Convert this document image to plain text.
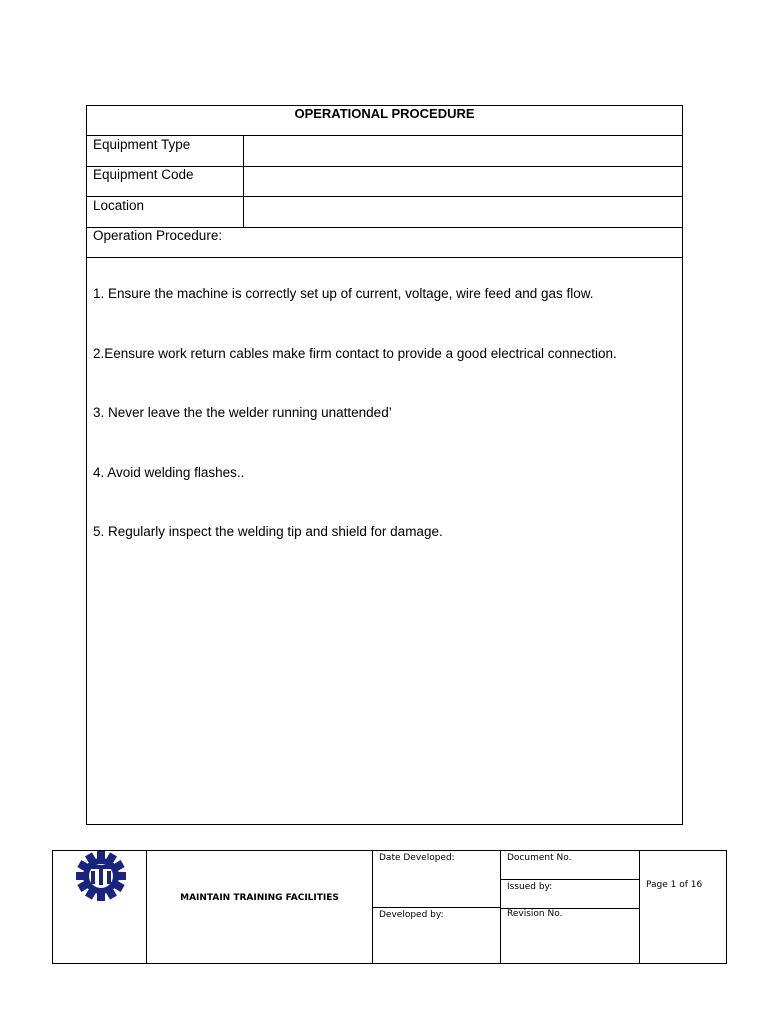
OPERATIONAL PROCEDURE
Equipment Type
Equipment Code
Location
Operation Procedure:
1. Ensure the machine is correctly set up of current, voltage, wire feed and gas flow.
2.Eensure work return cables make firm contact to provide a good electrical connection.
3. Never leave the the welder running unattended’
4. Avoid welding flashes..
5. Regularly inspect the welding tip and shield for damage.
MAINTAIN TRAINING FACILITIES
Date Developed:
Developed by:
Document No.
Issued by:
Revision No.
Page 1 of 16
